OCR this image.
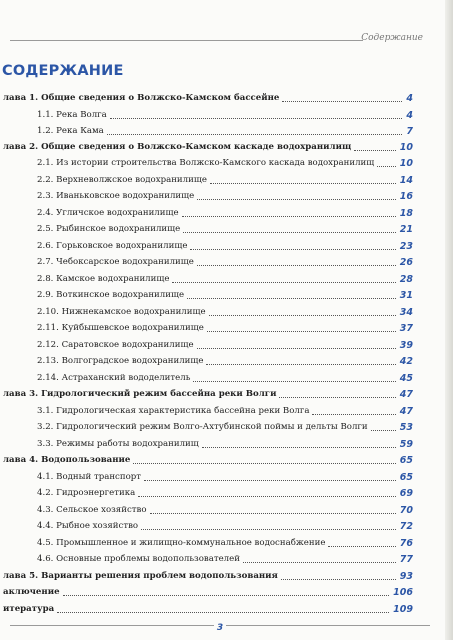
Содержание
СОДЕРЖАНИЕ
лава 1. Общие сведения о Волжско-Камском бассейне	4
1.1. Река Волга	4
1.2. Река Кама	7
лава 2. Общие сведения о Волжско-Камском каскаде водохранилищ	10
2.1. Из истории строительства Волжско-Камского каскада водохранилищ	10
2.2. Верхневолжское водохранилище	14
2.3. Иваньковское водохранилище	16
2.4. Угличское водохранилище	18
2.5. Рыбинское водохранилище	21
2.6. Горьковское водохранилище	23
2.7. Чебоксарское водохранилище	26
2.8. Камское водохранилище	28
2.9. Воткинское водохранилище	31
2.10. Нижнекамское водохранилище	34
2.11. Куйбышевское водохранилище	37
2.12. Саратовское водохранилище	39
2.13. Волгоградское водохранилище	42
2.14. Астраханский вододелитель	45
лава 3. Гидрологический режим бассейна реки Волги	47
3.1. Гидрологическая характеристика бассейна реки Волга	47
3.2. Гидрологический режим Волго-Ахтубинской поймы и дельты Волги	53
3.3. Режимы работы водохранилищ	59
лава 4. Водопользование	65
4.1. Водный транспорт	65
4.2. Гидроэнергетика	69
4.3. Сельское хозяйство	70
4.4. Рыбное хозяйство	72
4.5. Промышленное и жилищно-коммунальное водоснабжение	76
4.6. Основные проблемы водопользователей	77
лава 5. Варианты решения проблем водопользования	93
аключение	106
итература	109
3
